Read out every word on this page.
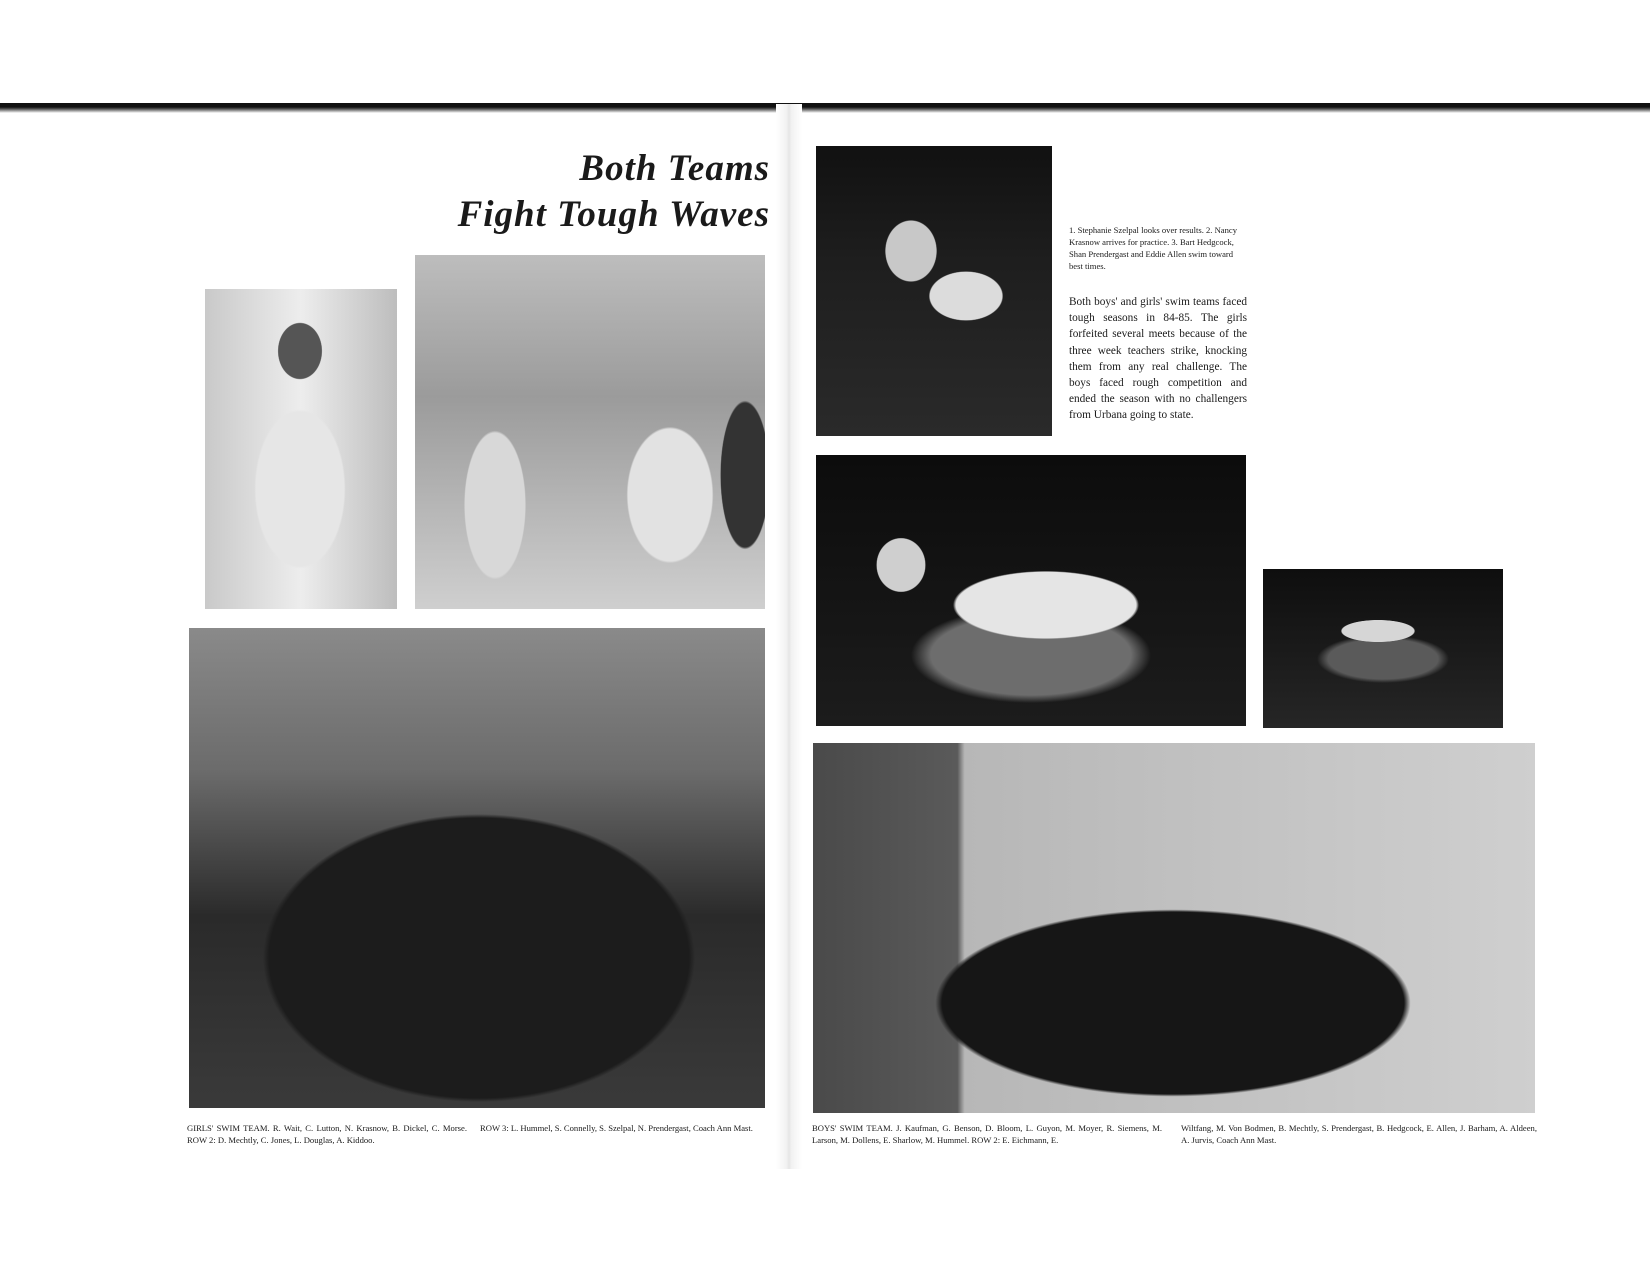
Both Teams
Fight Tough Waves	1. Stephanie Szelpal looks over results. 2. Nancy Krasnow arrives for practice. 3. Bart Hedgcock, Shan Prendergast and Eddie Allen swim toward best times.

Both boys' and girls' swim teams faced tough seasons in 84-85. The girls forfeited several meets because of the three week teachers strike, knocking them from any real challenge. The boys faced rough competition and ended the season with no challengers from Urbana going to state.

GIRLS' SWIM TEAM. R. Wait, C. Lutton, N. Krasnow, B. Dickel, C. Morse. ROW 2: D. Mechtly, C. Jones, L. Douglas, A. Kiddoo.

ROW 3: L. Hummel, S. Connelly, S. Szelpal, N. Prendergast, Coach Ann Mast.	BOYS' SWIM TEAM. J. Kaufman, G. Benson, D. Bloom, L. Guyon, M. Moyer, R. Siemens, M. Larson, M. Dollens, E. Sharlow, M. Hummel. ROW 2: E. Eichmann, E.

Wiltfang, M. Von Bodmen, B. Mechtly, S. Prendergast, B. Hedgcock, E. Allen, J. Barham, A. Aldeen, A. Jurvis, Coach Ann Mast.
